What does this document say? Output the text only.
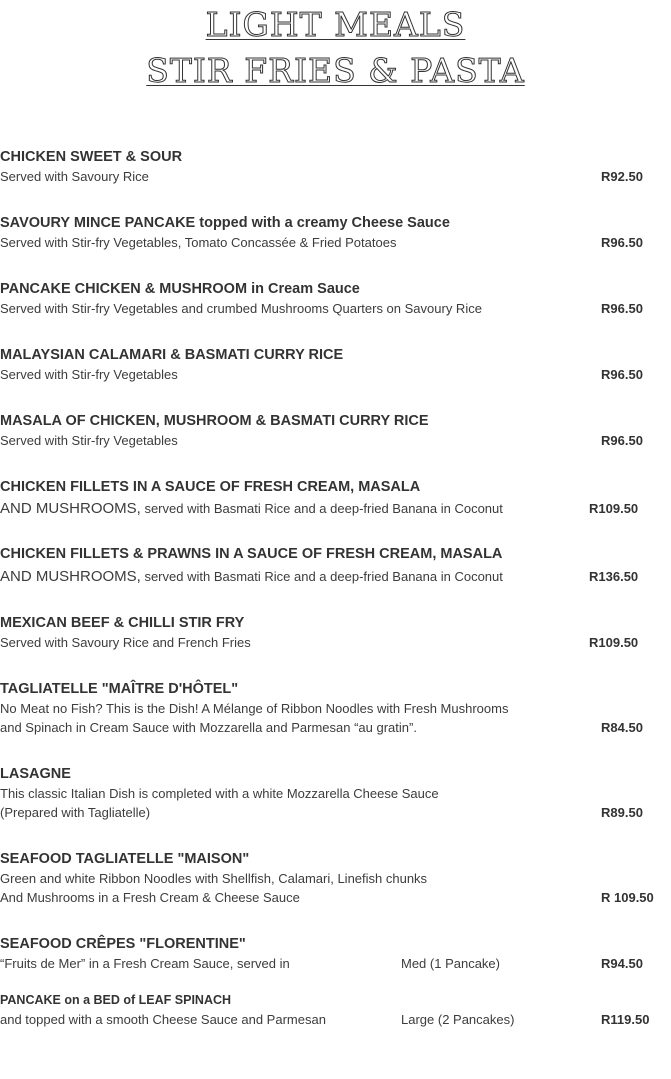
LIGHT MEALS
STIR FRIES & PASTA
CHICKEN SWEET & SOUR
Served with Savoury Rice	R92.50
SAVOURY MINCE PANCAKE topped with a creamy Cheese Sauce
Served with Stir-fry Vegetables, Tomato Concassée & Fried Potatoes	R96.50
PANCAKE CHICKEN & MUSHROOM in Cream Sauce
Served with Stir-fry Vegetables and crumbed Mushrooms Quarters on Savoury Rice	R96.50
MALAYSIAN CALAMARI & BASMATI CURRY RICE
Served with Stir-fry Vegetables	R96.50
MASALA OF CHICKEN, MUSHROOM & BASMATI CURRY RICE
Served with Stir-fry Vegetables	R96.50
CHICKEN FILLETS IN A SAUCE OF FRESH CREAM, MASALA
AND MUSHROOMS, served with Basmati Rice and a deep-fried Banana in Coconut	R109.50
CHICKEN FILLETS & PRAWNS IN A SAUCE OF FRESH CREAM, MASALA
AND MUSHROOMS, served with Basmati Rice and a deep-fried Banana in Coconut	R136.50
MEXICAN BEEF & CHILLI STIR FRY
Served with Savoury Rice and French Fries	R109.50
TAGLIATELLE "MAÎTRE D'HÔTEL"
No Meat no Fish? This is the Dish! A Mélange of Ribbon Noodles with Fresh Mushrooms
and Spinach in Cream Sauce with Mozzarella and Parmesan “au gratin”.	R84.50
LASAGNE
This classic Italian Dish is completed with a white Mozzarella Cheese Sauce
(Prepared with Tagliatelle)	R89.50
SEAFOOD TAGLIATELLE "MAISON"
Green and white Ribbon Noodles with Shellfish, Calamari, Linefish chunks
And Mushrooms in a Fresh Cream & Cheese Sauce	R 109.50
SEAFOOD CRÊPES "FLORENTINE"
“Fruits de Mer” in a Fresh Cream Sauce, served in	Med (1 Pancake)	R94.50
PANCAKE on a BED of LEAF SPINACH
and topped with a smooth Cheese Sauce and Parmesan	Large (2 Pancakes)	R119.50
